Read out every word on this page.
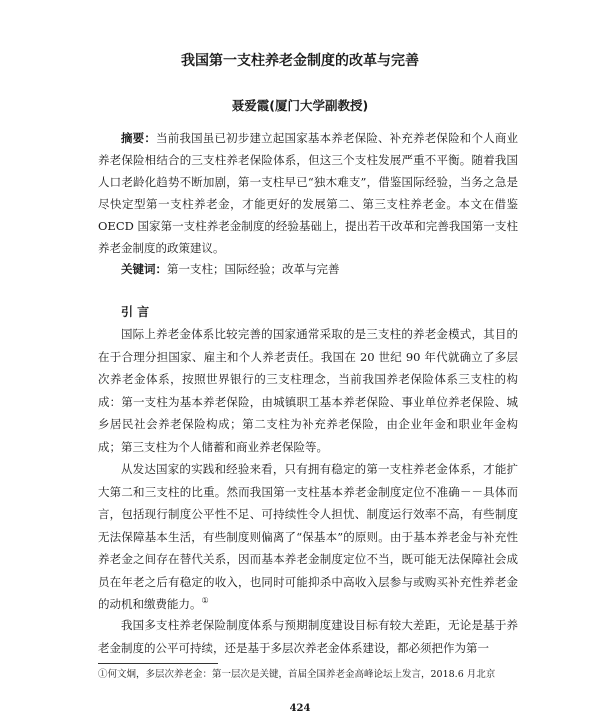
我国第一支柱养老金制度的改革与完善
聂爱霞(厦门大学副教授)
摘要：当前我国虽已初步建立起国家基本养老保险、补充养老保险和个人商业养老保险相结合的三支柱养老保险体系，但这三个支柱发展严重不平衡。随着我国人口老龄化趋势不断加剧，第一支柱早已“独木难支”，借鉴国际经验，当务之急是尽快定型第一支柱养老金，才能更好的发展第二、第三支柱养老金。本文在借鉴 OECD 国家第一支柱养老金制度的经验基础上，提出若干改革和完善我国第一支柱养老金制度的政策建议。
关键词：第一支柱；国际经验；改革与完善
引 言

国际上养老金体系比较完善的国家通常采取的是三支柱的养老金模式，其目的在于合理分担国家、雇主和个人养老责任。我国在 20 世纪 90 年代就确立了多层次养老金体系，按照世界银行的三支柱理念，当前我国养老保险体系三支柱的构成：第一支柱为基本养老保险，由城镇职工基本养老保险、事业单位养老保险、城乡居民社会养老保险构成；第二支柱为补充养老保险，由企业年金和职业年金构成；第三支柱为个人储蓄和商业养老保险等。

从发达国家的实践和经验来看，只有拥有稳定的第一支柱养老金体系，才能扩大第二和三支柱的比重。然而我国第一支柱基本养老金制度定位不准确－－具体而言，包括现行制度公平性不足、可持续性令人担忧、制度运行效率不高，有些制度无法保障基本生活，有些制度则偏离了“保基本”的原则。由于基本养老金与补充性养老金之间存在替代关系，因而基本养老金制度定位不当，既可能无法保障社会成员在年老之后有稳定的收入，也同时可能抑杀中高收入层参与或购买补充性养老金的动机和缴费能力。①

我国多支柱养老保险制度体系与预期制度建设目标有较大差距，无论是基于养老金制度的公平可持续，还是基于多层次养老金体系建设，都必须把作为第一

①何文炯，多层次养老金：第一层次是关键，首届全国养老金高峰论坛上发言，2018.6 月北京
424
